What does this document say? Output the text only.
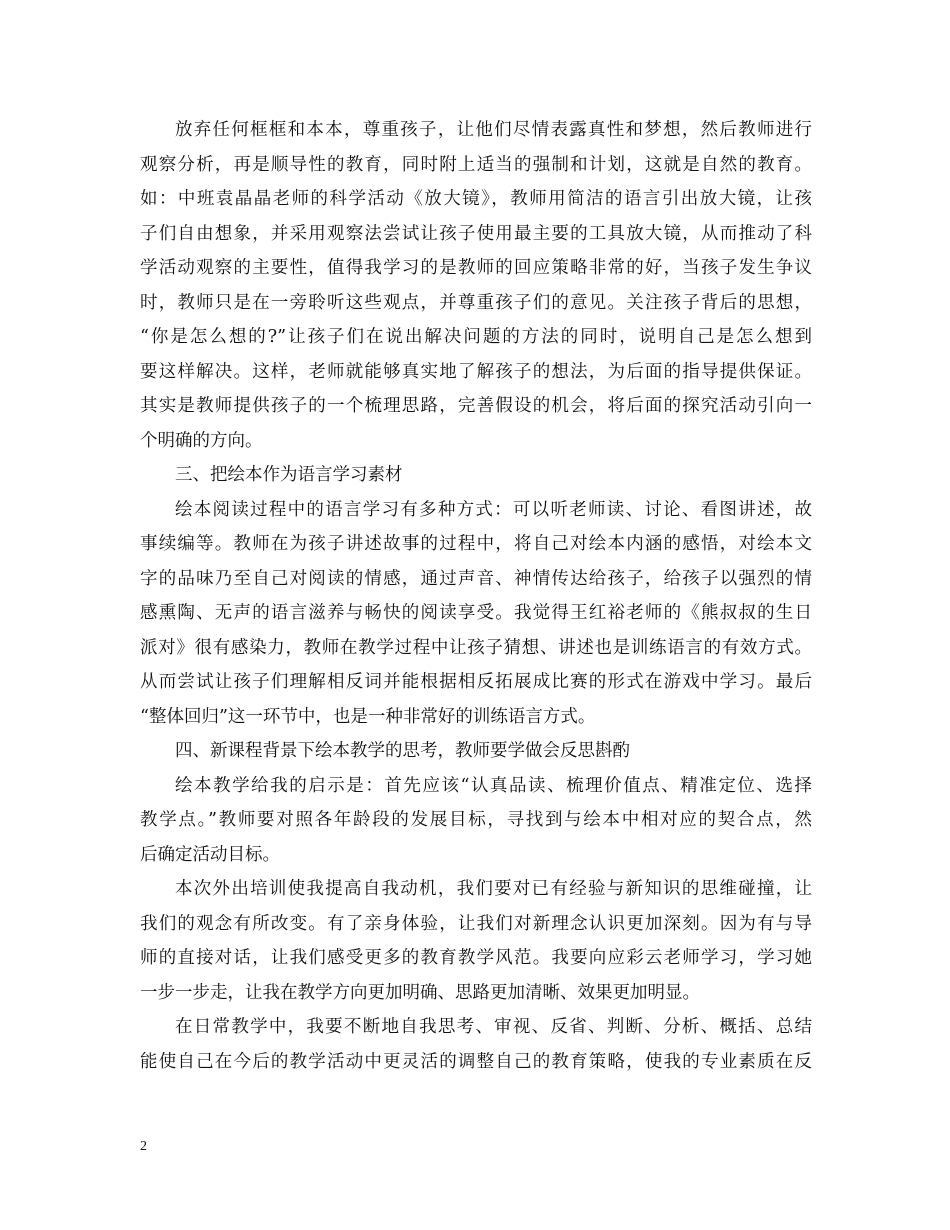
放弃任何框框和本本，尊重孩子，让他们尽情表露真性和梦想，然后教师进行
观察分析，再是顺导性的教育，同时附上适当的强制和计划，这就是自然的教育。
如：中班袁晶晶老师的科学活动《放大镜》，教师用简洁的语言引出放大镜，让孩
子们自由想象，并采用观察法尝试让孩子使用最主要的工具放大镜，从而推动了科
学活动观察的主要性，值得我学习的是教师的回应策略非常的好，当孩子发生争议
时，教师只是在一旁聆听这些观点，并尊重孩子们的意见。关注孩子背后的思想，
“你是怎么想的?”让孩子们在说出解决问题的方法的同时，说明自己是怎么想到
要这样解决。这样，老师就能够真实地了解孩子的想法，为后面的指导提供保证。
其实是教师提供孩子的一个梳理思路，完善假设的机会，将后面的探究活动引向一
个明确的方向。
三、把绘本作为语言学习素材
绘本阅读过程中的语言学习有多种方式：可以听老师读、讨论、看图讲述，故
事续编等。教师在为孩子讲述故事的过程中，将自己对绘本内涵的感悟，对绘本文
字的品味乃至自己对阅读的情感，通过声音、神情传达给孩子，给孩子以强烈的情
感熏陶、无声的语言滋养与畅快的阅读享受。我觉得王红裕老师的《熊叔叔的生日
派对》很有感染力，教师在教学过程中让孩子猜想、讲述也是训练语言的有效方式。
从而尝试让孩子们理解相反词并能根据相反拓展成比赛的形式在游戏中学习。最后
“整体回归”这一环节中，也是一种非常好的训练语言方式。
四、新课程背景下绘本教学的思考，教师要学做会反思斟酌
绘本教学给我的启示是：首先应该“认真品读、梳理价值点、精准定位、选择
教学点。”教师要对照各年龄段的发展目标，寻找到与绘本中相对应的契合点，然
后确定活动目标。
本次外出培训使我提高自我动机，我们要对已有经验与新知识的思维碰撞，让
我们的观念有所改变。有了亲身体验，让我们对新理念认识更加深刻。因为有与导
师的直接对话，让我们感受更多的教育教学风范。我要向应彩云老师学习，学习她
一步一步走，让我在教学方向更加明确、思路更加清晰、效果更加明显。
在日常教学中，我要不断地自我思考、审视、反省、判断、分析、概括、总结
能使自己在今后的教学活动中更灵活的调整自己的教育策略，使我的专业素质在反
2
